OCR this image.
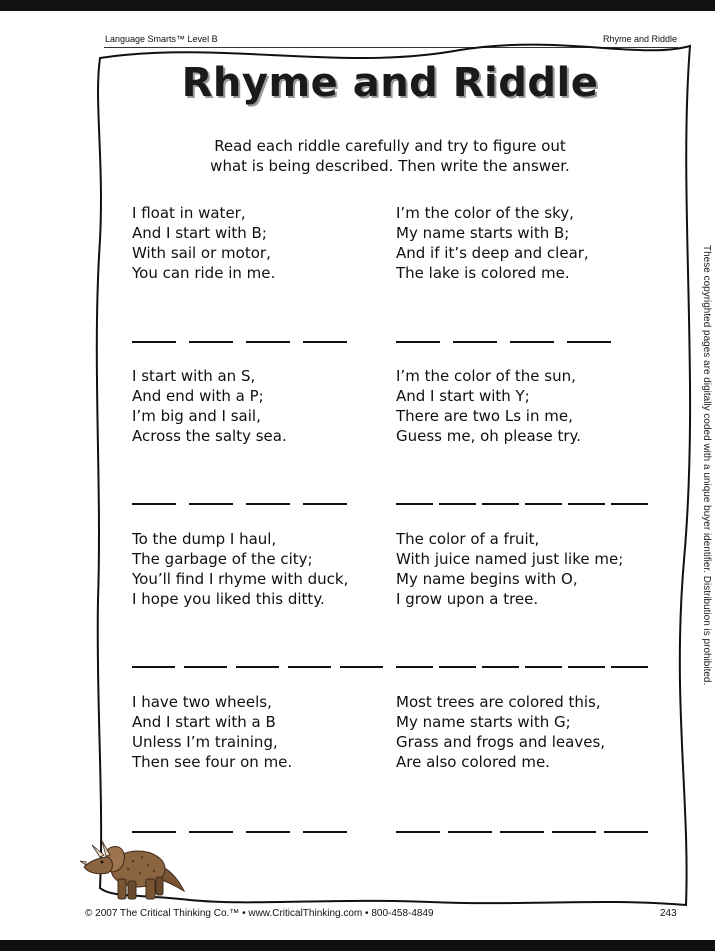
Language Smarts™ Level B	Rhyme and Riddle
Rhyme and Riddle
Read each riddle carefully and try to figure out
what is being described. Then write the answer.
I float in water,
And I start with B;
With sail or motor,
You can ride in me.
I’m the color of the sky,
My name starts with B;
And if it’s deep and clear,
The lake is colored me.
I start with an S,
And end with a P;
I’m big and I sail,
Across the salty sea.
I’m the color of the sun,
And I start with Y;
There are two Ls in me,
Guess me, oh please try.
To the dump I haul,
The garbage of the city;
You’ll find I rhyme with duck,
I hope you liked this ditty.
The color of a fruit,
With juice named just like me;
My name begins with O,
I grow upon a tree.
I have two wheels,
And I start with a B
Unless I’m training,
Then see four on me.
Most trees are colored this,
My name starts with G;
Grass and frogs and leaves,
Are also colored me.
© 2007 The Critical Thinking Co.™ • www.CriticalThinking.com • 800-458-4849	243
These copyrighted pages are digitally coded with a unique buyer identifier. Distribution is prohibited.
